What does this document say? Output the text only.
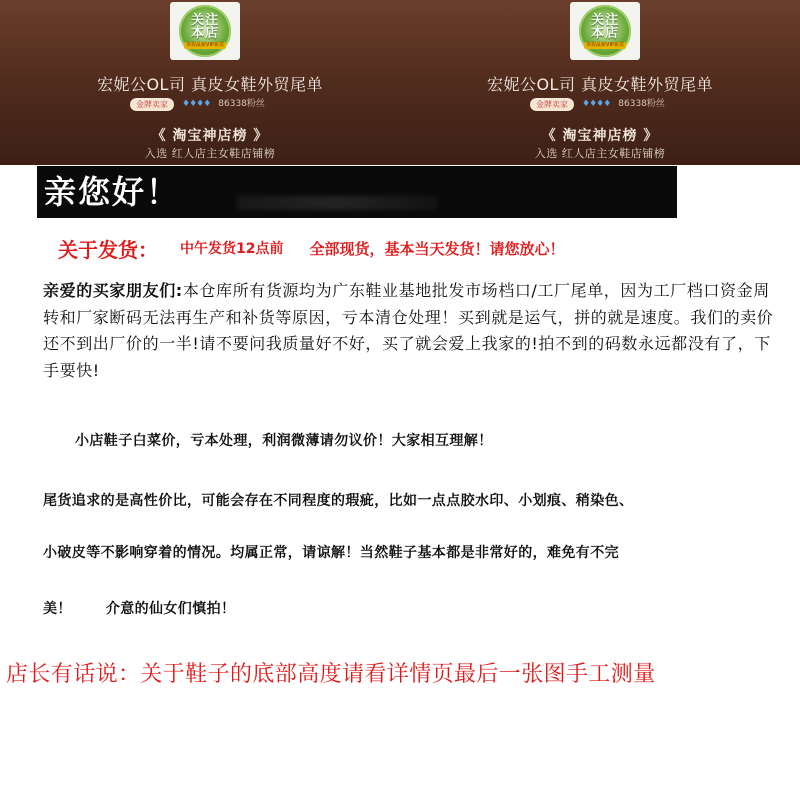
关注
本店
掌握最新VIP新款
宏妮公OL司 真皮女鞋外贸尾单
金牌卖家	♦♦♦♦ 86338粉丝
《 淘宝神店榜 》
入选 红人店主女鞋店铺榜
关注
本店
掌握最新VIP新款
宏妮公OL司 真皮女鞋外贸尾单
金牌卖家	♦♦♦♦ 86338粉丝
《 淘宝神店榜 》
入选 红人店主女鞋店铺榜
亲您好！
关于发货： 中午发货12点前 全部现货，基本当天发货！请您放心！
亲爱的买家朋友们:本仓库所有货源均为广东鞋业基地批发市场档口/工厂尾单，因为工厂档口资金周转和厂家断码无法再生产和补货等原因，亏本清仓处理！买到就是运气，拼的就是速度。我们的卖价还不到出厂价的一半!请不要问我质量好不好，买了就会爱上我家的!拍不到的码数永远都没有了，下手要快!
小店鞋子白菜价，亏本处理，利润微薄请勿议价！大家相互理解！
尾货追求的是高性价比，可能会存在不同程度的瑕疵，比如一点点胶水印、小划痕、稍染色、
小破皮等不影响穿着的情况。均属正常，请谅解！当然鞋子基本都是非常好的，难免有不完
美！ 介意的仙女们慎拍！
店长有话说：关于鞋子的底部高度请看详情页最后一张图手工测量
